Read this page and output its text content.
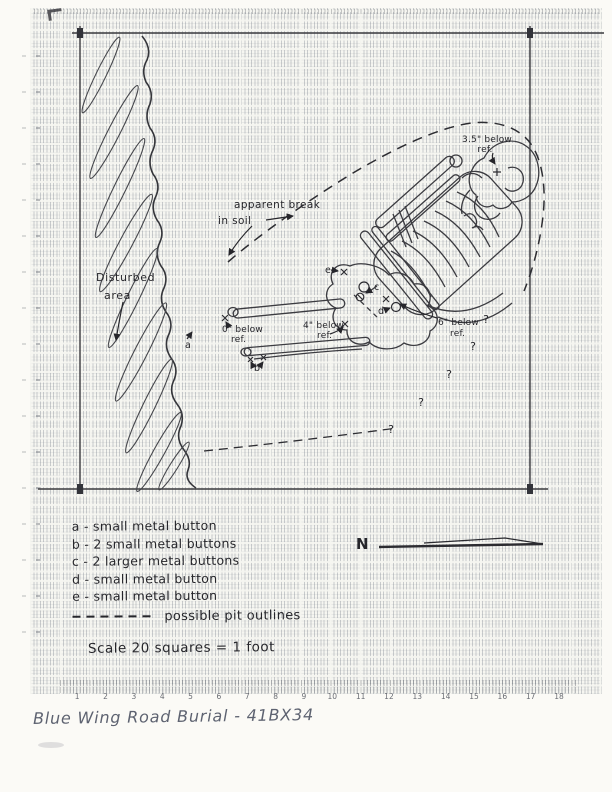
Disturbed
area
apparent break
in soil
3.5" below
ref.
0" below
ref.
4" below
ref.
6" below
ref.
a
b
c
d
e
?
?
?
?
?
N
a - small metal button
b - 2 small metal buttons
c - 2 larger metal buttons
d - small metal button
e - small metal button
possible pit outlines
Scale 20 squares = 1 foot
1	2	3	4	5	6	7	8	9	10	11	12	13	14	15	16	17	18
Blue Wing Road Burial - 41BX34
